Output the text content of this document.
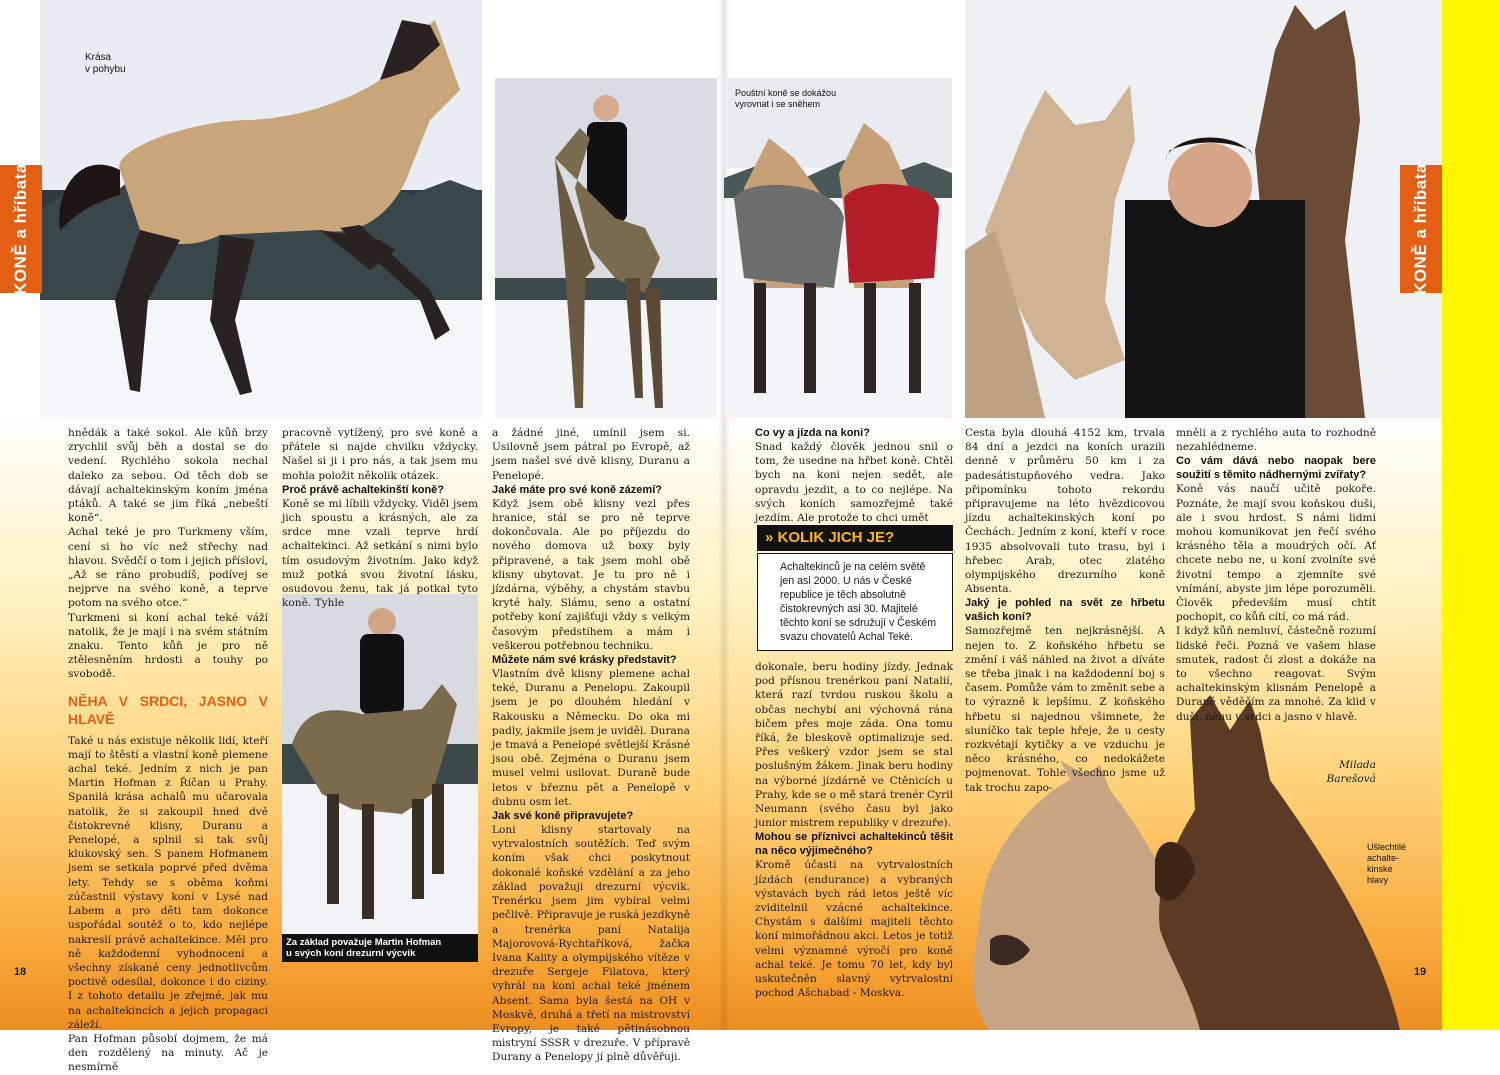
Krása
v pohybu
Pouštní koně se dokážou
vyrovnat i se sněhem
Za základ považuje Martin Hofman
u svých koní drezurní výcvik
Ušlechtilé
achalte-
kinské
hlavy
KONĚ a hříbata	KONĚ a hříbata

hnědák a také sokol. Ale kůň brzy zrychlil svůj běh a dostal se do vedení. Rychlého sokola nechal daleko za sebou. Od těch dob se dávají achaltekinským koním jména ptáků. A také se jim říká „nebeští koně“.

Achal teké je pro Turkmeny vším, cení si ho víc než střechy nad hlavou. Svědčí o tom i jejich přísloví, „Až se ráno probudíš, podívej se nejprve na svého koně, a teprve potom na svého otce.“

Turkmeni si koní achal teké váží natolik, že je mají i na svém státním znaku. Tento kůň je pro ně ztělesněním hrdosti a touhy po svobodě.

NĚHA V SRDCI, JASNO V HLAVĚ

Také u nás existuje několik lidí, kteří mají to štěstí a vlastní koně plemene achal teké. Jedním z nich je pan Martin Hofman z Říčan u Prahy. Spanilá krása achalů mu učarovala natolik, že si zakoupil hned dvě čistokrevné klisny, Duranu a Penelopé, a splnil si tak svůj klukovský sen. S panem Hofmanem jsem se setkala poprvé před dvěma lety. Tehdy se s oběma koňmi zúčastnil výstavy koní v Lysé nad Labem a pro děti tam dokonce uspořádal soutěž o to, kdo nejlépe nakreslí právě achaltekince. Měl pro ně každodenní vyhodnocení a všechny získané ceny jednotlivcům poctivě odesílal, dokonce i do ciziny. I z tohoto detailu je zřejmé, jak mu na achaltekincích a jejich propagaci záleží.

Pan Hofman působí dojmem, že má den rozdělený na minuty. Ač je nesmírně

pracovně vytížený, pro své koně a přátele si najde chvilku vždycky. Našel si ji i pro nás, a tak jsem mu mohla položit několik otázek.

Proč právě achaltekinští koně?

Koně se mi líbili vždycky. Viděl jsem jich spoustu a krásných, ale za srdce mne vzali teprve hrdí achaltekinci. Až setkání s nimi bylo tím osudovým životním. Jako když muž potká svou životní lásku, osudovou ženu, tak já potkal tyto koně. Tyhle

a žádné jiné, umínil jsem si. Usilovně jsem pátral po Evropě, až jsem našel své dvě klisny, Duranu a Penelopé.

Jaké máte pro své koně zázemí?

Když jsem obě klisny vezl přes hranice, stál se pro ně teprve dokončovala. Ale po příjezdu do nového domova už boxy byly připravené, a tak jsem mohl obě klisny ubytovat. Je tu pro ně i jízdárna, výběhy, a chystám stavbu kryté haly. Slámu, seno a ostatní potřeby koní zajišťuji vždy s velkým časovým předstihem a mám i veškerou potřebnou techniku.

Můžete nám své krásky představit?

Vlastním dvě klisny plemene achal teké, Duranu a Penelopu. Zakoupil jsem je po dlouhém hledání v Rakousku a Německu. Do oka mi padly, jakmile jsem je uviděl. Durana je tmavá a Penelopé světlejší Krásné jsou obě. Zejména o Duranu jsem musel velmi usilovat. Duraně bude letos v březnu pět a Penelopě v dubnu osm let.

Jak své koně připravujete?

Loni klisny startovaly na vytrvalostních soutěžích. Teď svým koním však chci poskytnout dokonalé koňské vzdělání a za jeho základ považuji drezurní výcvik. Trenérku jsem jim vybíral velmi pečlivě. Připravuje je ruská jezdkyně a trenérka paní Natalija Majorovová-Rychtaříková, žačka Ivana Kality a olympijského vítěze v drezuře Sergeje Filatova, který vyhrál na koni achal teké jménem Absent. Sama byla šestá na OH v Moskvě, druhá a třetí na mistrovství Evropy, je také pětinásobnou mistryní SSSR v drezuře. V přípravě Durany a Penelopy jí plně důvěřuji.

Co vy a jízda na koni?

Snad každý člověk jednou snil o tom, že usedne na hřbet koně. Chtěl bych na koni nejen sedět, ale opravdu jezdit, a to co nejlépe. Na svých koních samozřejmě také jezdím. Ale protože to chci umět

» KOLIK JICH JE?
Achaltekinců je na celém světě jen asi 2000. U nás v České republice je těch absolutně čistokrevných asi 30. Majitelé těchto koní se sdružují v Českém svazu chovatelů Achal Teké.

dokonale, beru hodiny jízdy. Jednak pod přísnou trenérkou paní Natalií, která razí tvrdou ruskou školu a občas nechybí ani výchovná rána bičem přes moje záda. Ona tomu říká, že bleskově optimalizuje sed. Přes veškerý vzdor jsem se stal poslušným žákem. Jinak beru hodiny na výborné jízdárně ve Ctěnicích u Prahy, kde se o mě stará trenér Cyril Neumann (svého času byl jako junior mistrem republiky v drezuře).

Mohou se příznivci achaltekinců těšit na něco výjimečného?

Kromě účasti na vytrvalostních jízdách (endurance) a vybraných výstavách bych rád letos ještě víc zviditelnil vzácné achaltekince. Chystám s dalšími majiteli těchto koní mimořádnou akci. Letos je totiž velmi významné výročí pro koně achal teké. Je tomu 70 let, kdy byl uskutečněn slavný vytrvalostní pochod Ašchabad - Moskva.

Cesta byla dlouhá 4152 km, trvala 84 dní a jezdci na koních urazili denně v průměru 50 km i za padesátistupňového vedra. Jako připomínku tohoto rekordu připravujeme na léto hvězdicovou jízdu achaltekinských koní po Čechách. Jedním z koní, kteří v roce 1935 absolvovali tuto trasu, byl i hřebec Arab, otec zlatého olympijského drezurního koně Absenta.

Jaký je pohled na svět ze hřbetu vašich koní?

Samozřejmě ten nejkrásnější. A nejen to. Z koňského hřbetu se změní i váš náhled na život a díváte se třeba jinak i na každodenní boj s časem. Pomůže vám to změnit sebe a to výrazně k lepšímu. Z koňského hřbetu si najednou všimnete, že sluníčko tak teple hřeje, že u cesty rozkvétají kytičky a ve vzduchu je něco krásného, co nedokážete pojmenovat. Tohle všechno jsme už tak trochu zapo-

mněli a z rychlého auta to rozhodně nezahlédneme.

Co vám dává nebo naopak bere soužití s těmito nádhernými zvířaty?

Koně vás naučí učitě pokoře. Poznáte, že mají svou koňskou duši, ale i svou hrdost. S námi lidmi mohou komunikovat jen řečí svého krásného těla a moudrých očí. Ať chcete nebo ne, u koní zvolníte své životní tempo a zjemníte své vnímání, abyste jim lépe porozuměli. Člověk především musí chtít pochopit, co kůň cítí, co má rád.

I když kůň nemluví, částečně rozumí lidské řeči. Pozná ve vašem hlase smutek, radost či zlost a dokáže na to všechno reagovat. Svým achaltekinským klisnám Penelopě a Duraně věděčím za mnohé. Za klid v duši, něhu v srdci a jasno v hlavě.

Milada
Barešová
18	19
